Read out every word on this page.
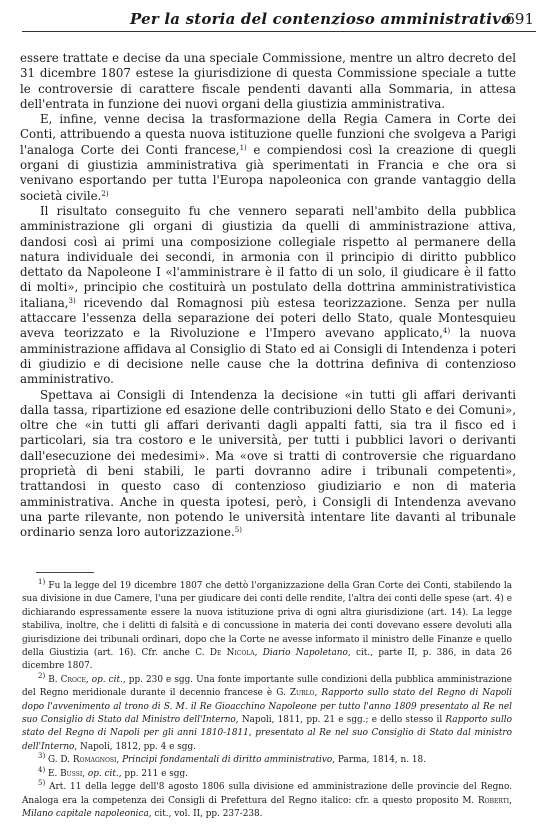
Per la storia del contenzioso amministrativo
691

essere trattate e decise da una speciale Commissione, mentre un altro decreto del 31 dicembre 1807 estese la giurisdizione di questa Commissione speciale a tutte le controversie di carattere fiscale pendenti davanti alla Sommaria, in attesa dell'entrata in funzione dei nuovi organi della giustizia amministrativa.

E, infine, venne decisa la trasformazione della Regia Camera in Corte dei Conti, attribuendo a questa nuova istituzione quelle funzioni che svolgeva a Parigi l'analoga Corte dei Conti francese,$^{1)}$ e compiendosi così la creazione di quegli organi di giustizia amministrativa già sperimentati in Francia e che ora si venivano esportando per tutta l'Europa napoleonica con grande vantaggio della società civile.$^{2)}$

Il risultato conseguito fu che vennero separati nell'ambito della pubblica amministrazione gli organi di giustizia da quelli di amministrazione attiva, dandosi così ai primi una composizione collegiale rispetto al permanere della natura individuale dei secondi, in armonia con il principio di diritto pubblico dettato da Napoleone I «l'amministrare è il fatto di un solo, il giudicare è il fatto di molti», principio che costituirà un postulato della dottrina amministrativistica italiana,$^{3)}$ ricevendo dal Romagnosi più estesa teorizzazione. Senza per nulla attaccare l'essenza della separazione dei poteri dello Stato, quale Montesquieu aveva teorizzato e la Rivoluzione e l'Impero avevano applicato,$^{4)}$ la nuova amministrazione affidava al Consiglio di Stato ed ai Consigli di Intendenza i poteri di giudizio e di decisione nelle cause che la dottrina definiva di contenzioso amministrativo.

Spettava ai Consigli di Intendenza la decisione «in tutti gli affari derivanti dalla tassa, ripartizione ed esazione delle contribuzioni dello Stato e dei Comuni», oltre che «in tutti gli affari derivanti dagli appalti fatti, sia tra il fisco ed i particolari, sia tra costoro e le università, per tutti i pubblici lavori o derivanti dall'esecuzione dei medesimi». Ma «ove si tratti di controversie che riguardano proprietà di beni stabili, le parti dovranno adire i tribunali competenti», trattandosi in questo caso di contenzioso giudiziario e non di materia amministrativa. Anche in questa ipotesi, però, i Consigli di Intendenza avevano una parte rilevante, non potendo le università intentare lite davanti al tribunale ordinario senza loro autorizzazione.$^{5)}$

$^{1)}$ Fu la legge del 19 dicembre 1807 che dettò l'organizzazione della Gran Corte dei Conti, stabilendo la sua divisione in due Camere, l'una per giudicare dei conti delle rendite, l'altra dei conti delle spese (art. 4) e dichiarando espressamente essere la nuova istituzione priva di ogni altra giurisdizione (art. 14). La legge stabiliva, inoltre, che i delitti di falsità e di concussione in materia dei conti dovevano essere devoluti alla giurisdizione dei tribunali ordinari, dopo che la Corte ne avesse informato il ministro delle Finanze e quello della Giustizia (art. 16). Cfr. anche C. De Nicola, Diario Napoletano, cit., parte II, p. 386, in data 26 dicembre 1807.

$^{2)}$ B. Croce, op. cit., pp. 230 e sgg. Una fonte importante sulle condizioni della pubblica amministrazione del Regno meridionale durante il decennio francese è G. Zurlo, Rapporto sullo stato del Regno di Napoli dopo l'avvenimento al trono di S. M. il Re Gioacchino Napoleone per tutto l'anno 1809 presentato al Re nel suo Consiglio di Stato dal Ministro dell'Interno, Napoli, 1811, pp. 21 e sgg.; e dello stesso il Rapporto sullo stato del Regno di Napoli per gli anni 1810-1811, presentato al Re nel suo Consiglio di Stato dal ministro dell'Interno, Napoli, 1812, pp. 4 e sgg.

$^{3)}$ G. D. Romagnosi, Principi fondamentali di diritto amministrativo, Parma, 1814, n. 18.

$^{4)}$ E. Bussi, op. cit., pp. 211 e sgg.

$^{5)}$ Art. 11 della legge dell'8 agosto 1806 sulla divisione ed amministrazione delle provincie del Regno. Analoga era la competenza dei Consigli di Prefettura del Regno italico: cfr. a questo proposito M. Roberti, Milano capitale napoleonica, cit., vol. II, pp. 237-238.
